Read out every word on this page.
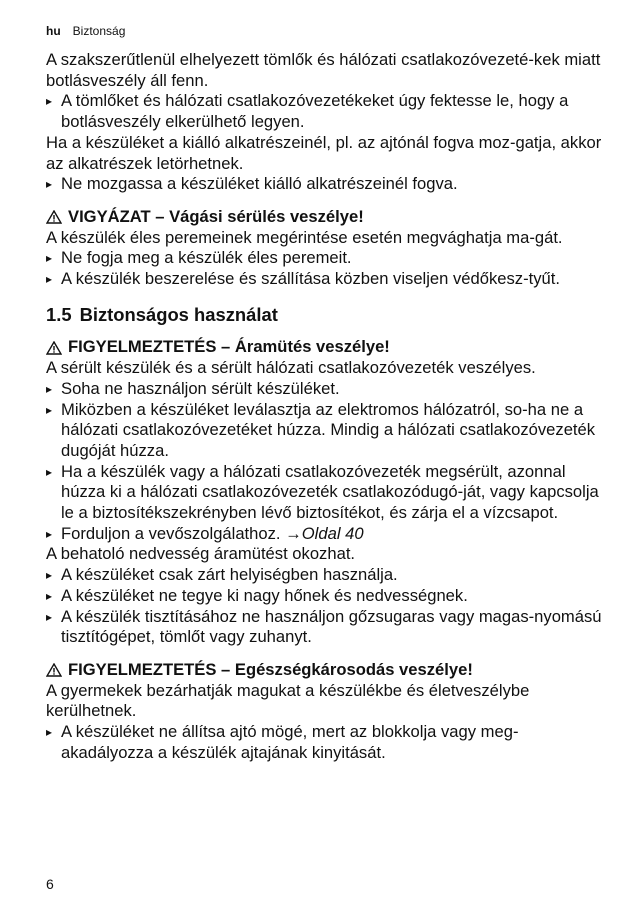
hu Biztonság

A szakszerűtlenül elhelyezett tömlők és hálózati csatlakozóvezeté-kek miatt botlásveszély áll fenn.

▸ A tömlőket és hálózati csatlakozóvezetékeket úgy fektesse le, hogy a botlásveszély elkerülhető legyen.

Ha a készüléket a kiálló alkatrészeinél, pl. az ajtónál fogva moz-gatja, akkor az alkatrészek letörhetnek.

▸ Ne mozgassa a készüléket kiálló alkatrészeinél fogva.

VIGYÁZAT – Vágási sérülés veszélye!

A készülék éles peremeinek megérintése esetén megvághatja ma-gát.

▸ Ne fogja meg a készülék éles peremeit.

▸ A készülék beszerelése és szállítása közben viseljen védőkesz-tyűt.

1.5 Biztonságos használat
FIGYELMEZTETÉS – Áramütés veszélye!

A sérült készülék és a sérült hálózati csatlakozóvezeték veszélyes.

▸ Soha ne használjon sérült készüléket.

▸ Miközben a készüléket leválasztja az elektromos hálózatról, so-ha ne a hálózati csatlakozóvezetéket húzza. Mindig a hálózati csatlakozóvezeték dugóját húzza.

▸ Ha a készülék vagy a hálózati csatlakozóvezeték megsérült, azonnal húzza ki a hálózati csatlakozóvezeték csatlakozódugó-ját, vagy kapcsolja le a biztosítékszekrényben lévő biztosítékot, és zárja el a vízcsapot.

▸ Forduljon a vevőszolgálathoz. →Oldal 40

A behatoló nedvesség áramütést okozhat.

▸ A készüléket csak zárt helyiségben használja.

▸ A készüléket ne tegye ki nagy hőnek és nedvességnek.

▸ A készülék tisztításához ne használjon gőzsugaras vagy magas-nyomású tisztítógépet, tömlőt vagy zuhanyt.

FIGYELMEZTETÉS – Egészségkárosodás veszélye!

A gyermekek bezárhatják magukat a készülékbe és életveszélybe kerülhetnek.

▸ A készüléket ne állítsa ajtó mögé, mert az blokkolja vagy meg-akadályozza a készülék ajtajának kinyitását.

6
